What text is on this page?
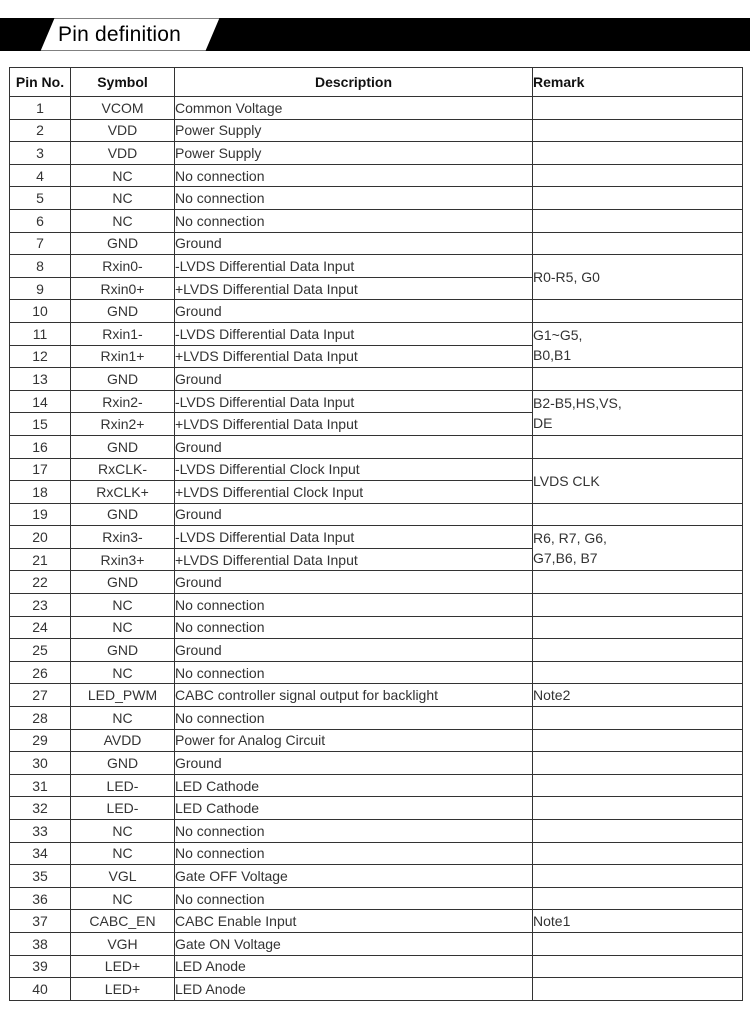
Pin definition
Pin No.	Symbol	Description	Remark
1	VCOM	Common Voltage	
2	VDD	Power Supply	
3	VDD	Power Supply	
4	NC	No connection	
5	NC	No connection	
6	NC	No connection	
7	GND	Ground	
8	Rxin0-	-LVDS Differential Data Input	R0-R5, G0
9	Rxin0+	+LVDS Differential Data Input	
10	GND	Ground	
11	Rxin1-	-LVDS Differential Data Input	G1~G5,
B0,B1
12	Rxin1+	+LVDS Differential Data Input	
13	GND	Ground	
14	Rxin2-	-LVDS Differential Data Input	B2-B5,HS,VS,
DE
15	Rxin2+	+LVDS Differential Data Input	
16	GND	Ground	
17	RxCLK-	-LVDS Differential Clock Input	LVDS CLK
18	RxCLK+	+LVDS Differential Clock Input	
19	GND	Ground	
20	Rxin3-	-LVDS Differential Data Input	R6, R7, G6,
G7,B6, B7
21	Rxin3+	+LVDS Differential Data Input	
22	GND	Ground	
23	NC	No connection	
24	NC	No connection	
25	GND	Ground	
26	NC	No connection	
27	LED_PWM	CABC controller signal output for backlight	Note2
28	NC	No connection	
29	AVDD	Power for Analog Circuit	
30	GND	Ground	
31	LED-	LED Cathode	
32	LED-	LED Cathode	
33	NC	No connection	
34	NC	No connection	
35	VGL	Gate OFF Voltage	
36	NC	No connection	
37	CABC_EN	CABC Enable Input	Note1
38	VGH	Gate ON Voltage	
39	LED+	LED Anode	
40	LED+	LED Anode	
